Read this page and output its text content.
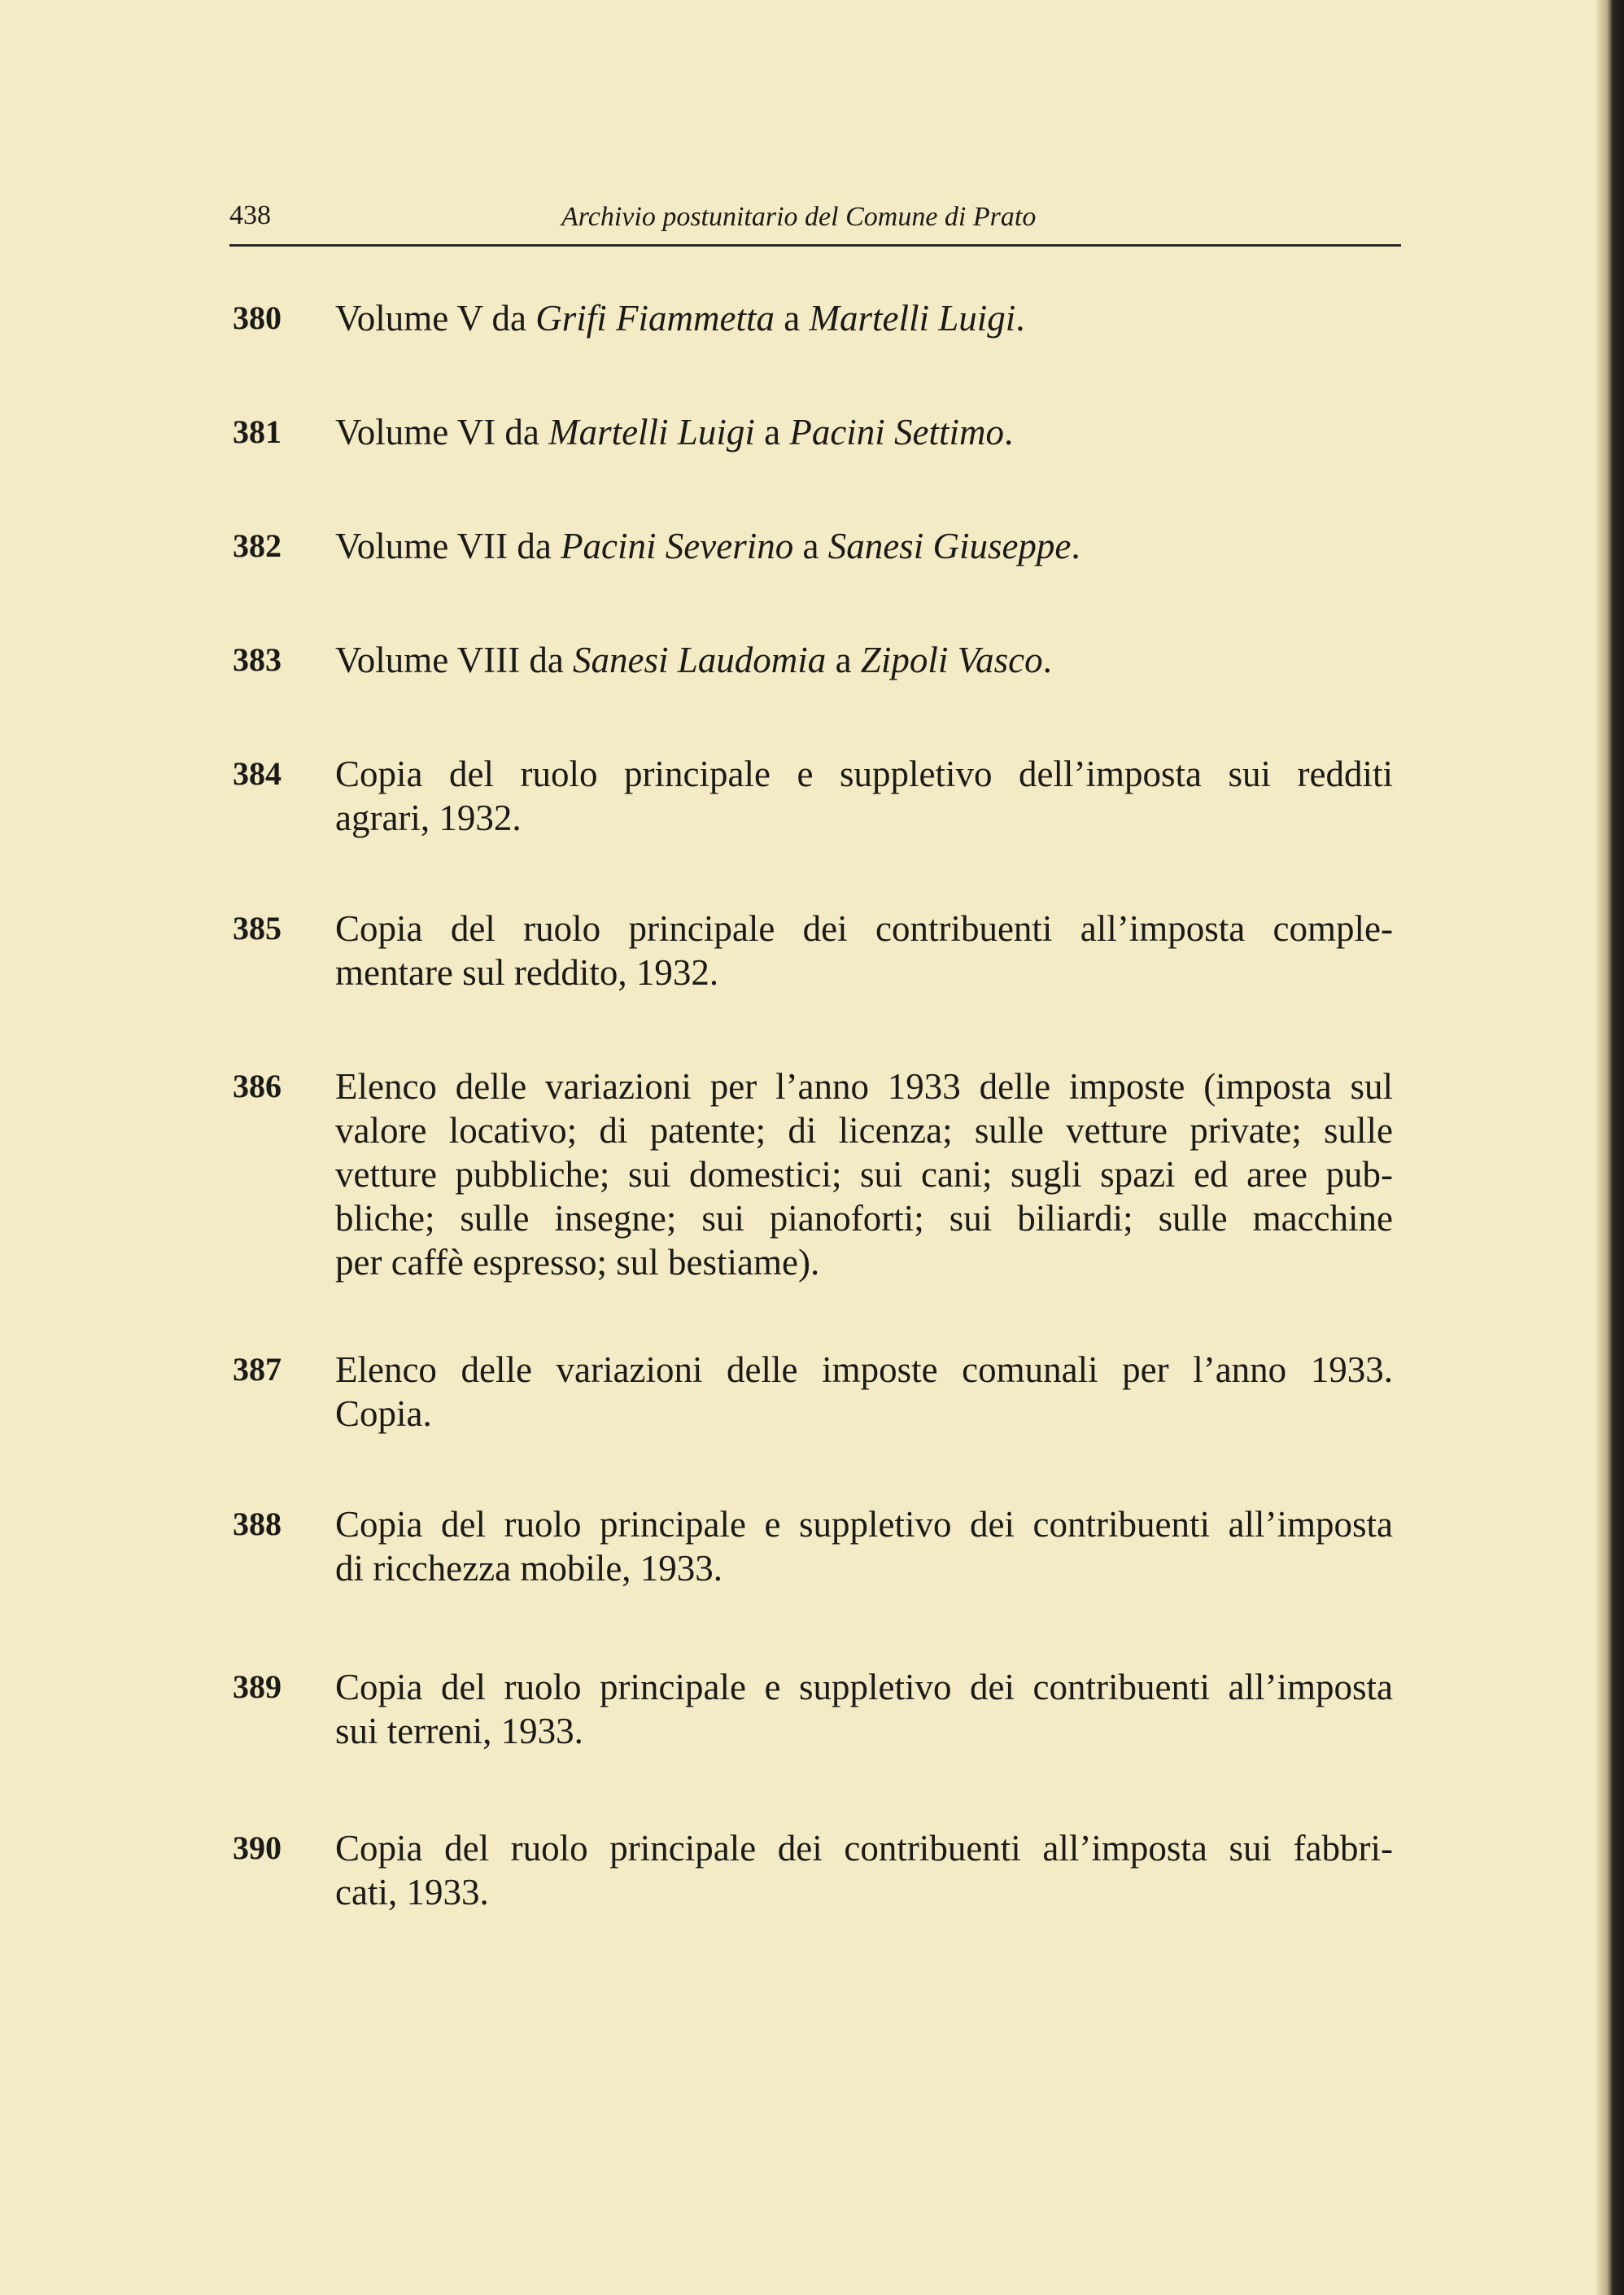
438	Archivio postunitario del Comune di Prato
380 Volume V da Grifi Fiammetta a Martelli Luigi.
381 Volume VI da Martelli Luigi a Pacini Settimo.
382 Volume VII da Pacini Severino a Sanesi Giuseppe.
383 Volume VIII da Sanesi Laudomia a Zipoli Vasco.
384 Copia del ruolo principale e suppletivo dell’imposta sui redditi
agrari, 1932.
385 Copia del ruolo principale dei contribuenti all’imposta comple-
mentare sul reddito, 1932.
386 Elenco delle variazioni per l’anno 1933 delle imposte (imposta sul
valore locativo; di patente; di licenza; sulle vetture private; sulle
vetture pubbliche; sui domestici; sui cani; sugli spazi ed aree pub-
bliche; sulle insegne; sui pianoforti; sui biliardi; sulle macchine
per caffè espresso; sul bestiame).
387 Elenco delle variazioni delle imposte comunali per l’anno 1933.
Copia.
388 Copia del ruolo principale e suppletivo dei contribuenti all’imposta
di ricchezza mobile, 1933.
389 Copia del ruolo principale e suppletivo dei contribuenti all’imposta
sui terreni, 1933.
390 Copia del ruolo principale dei contribuenti all’imposta sui fabbri-
cati, 1933.
